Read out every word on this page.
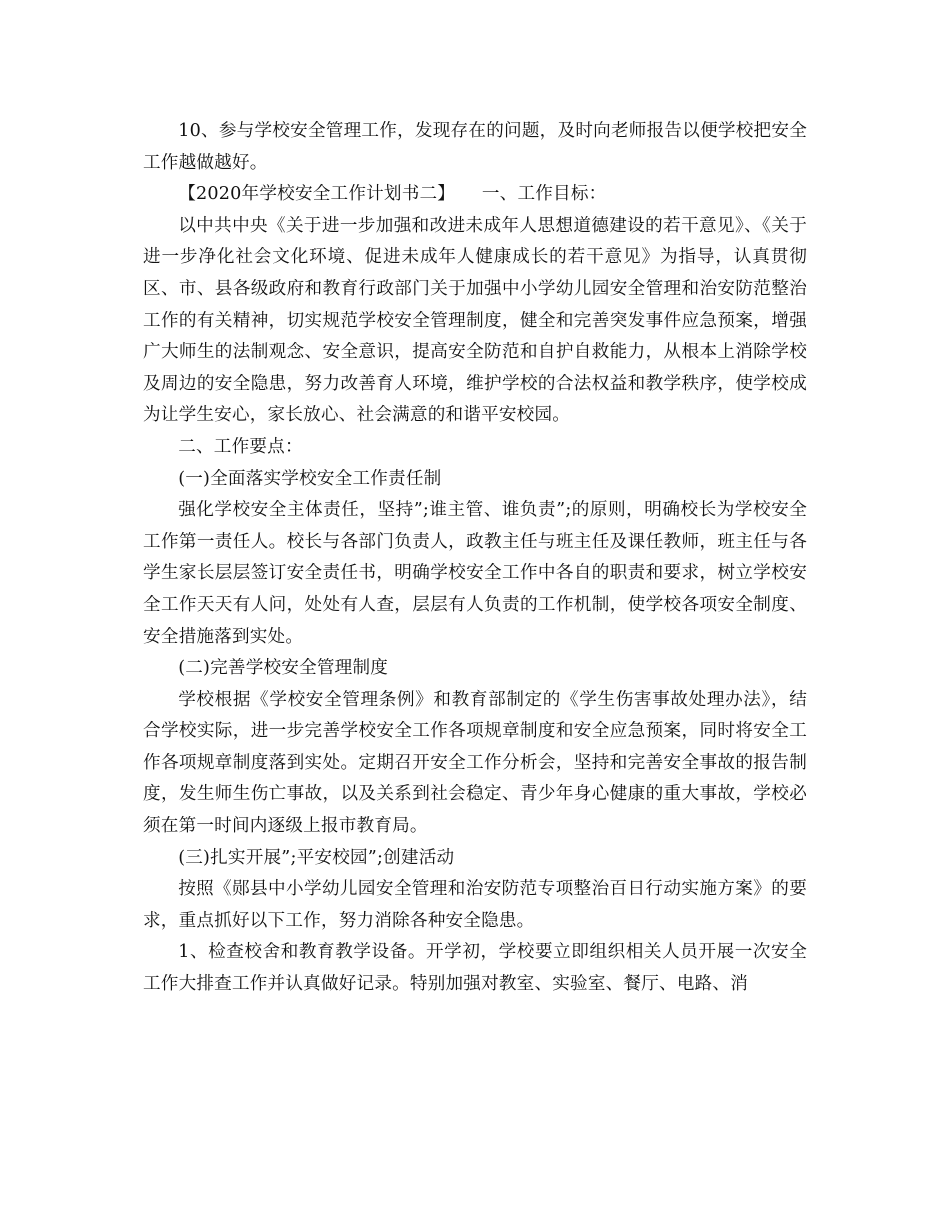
10、参与学校安全管理工作，发现存在的问题，及时向老师报告以便学校把安全工作越做越好。

【2020年学校安全工作计划书二】　　一、工作目标：

以中共中央《关于进一步加强和改进未成年人思想道德建设的若干意见》、《关于进一步净化社会文化环境、促进未成年人健康成长的若干意见》为指导，认真贯彻区、市、县各级政府和教育行政部门关于加强中小学幼儿园安全管理和治安防范整治工作的有关精神，切实规范学校安全管理制度，健全和完善突发事件应急预案，增强广大师生的法制观念、安全意识，提高安全防范和自护自救能力，从根本上消除学校及周边的安全隐患，努力改善育人环境，维护学校的合法权益和教学秩序，使学校成为让学生安心，家长放心、社会满意的和谐平安校园。

二、工作要点：

(一)全面落实学校安全工作责任制

强化学校安全主体责任，坚持”;谁主管、谁负责”;的原则，明确校长为学校安全工作第一责任人。校长与各部门负责人，政教主任与班主任及课任教师，班主任与各学生家长层层签订安全责任书，明确学校安全工作中各自的职责和要求，树立学校安全工作天天有人问，处处有人查，层层有人负责的工作机制，使学校各项安全制度、安全措施落到实处。

(二)完善学校安全管理制度

学校根据《学校安全管理条例》和教育部制定的《学生伤害事故处理办法》，结合学校实际，进一步完善学校安全工作各项规章制度和安全应急预案，同时将安全工作各项规章制度落到实处。定期召开安全工作分析会，坚持和完善安全事故的报告制度，发生师生伤亡事故，以及关系到社会稳定、青少年身心健康的重大事故，学校必须在第一时间内逐级上报市教育局。

(三)扎实开展”;平安校园”;创建活动

按照《郧县中小学幼儿园安全管理和治安防范专项整治百日行动实施方案》的要求，重点抓好以下工作，努力消除各种安全隐患。

1、检查校舍和教育教学设备。开学初，学校要立即组织相关人员开展一次安全工作大排查工作并认真做好记录。特别加强对教室、实验室、餐厅、电路、消
